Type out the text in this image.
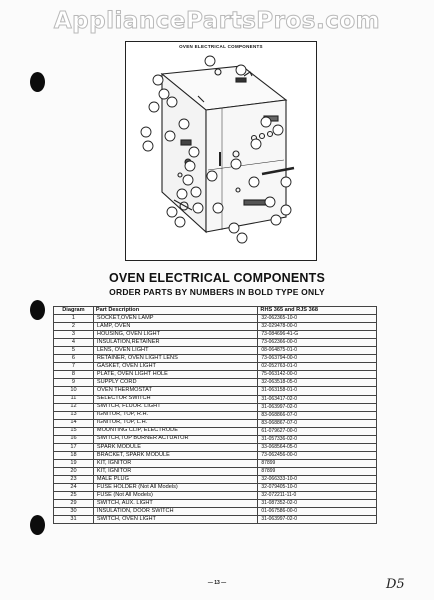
AppliancePartsPros.com
OVEN ELECTRICAL COMPONENTS
OVEN ELECTRICAL COMPONENTS
ORDER PARTS BY NUMBERS IN BOLD TYPE ONLY
Diagram	Part Description	RHS 365 and RJS 368
1	SOCKET,OVEN LAMP	32-062365-10-0
2	LAMP, OVEN	32-029478-00-0
3	HOUSING, OVEN LIGHT	73-084696-41-G
4	INSULATION,RETAINER	73-062366-00-0
5	LENS, OVEN LIGHT	08-064875-01-0
6	RETAINER, OVEN LIGHT LENS	73-063794-00-0
7	GASKET, OVEN LIGHT	02-052763-01-0
8	PLATE, OVEN LIGHT HOLE	75-063142-00-0
9	SUPPLY CORD	32-063518-05-0
10	OVEN THERMOSTAT	31-063158-01-0
11	SELECTOR SWITCH	31-063417-02-0
12	SWITCH, FLUOR. LIGHT	31-063997-02-0
13	IGNITOR, TOP, R.H.	83-068866-07-0
14	IGNITOR, TOP, L.H.	83-068867-07-0
15	MOUNTING CLIP, ELECTRODE	61-079627-00-0
16	SWITCH,TOP BURNER ACTUATOR	31-057336-02-0
17	SPARK MODULE	33-068564-05-0
18	BRACKET, SPARK MODULE	73-062456-00-0
19	KIT, IGNITOR	87899
20	KIT, IGNITOR	87899
23	MALE PLUG	32-066333-10-0
24	FUSE HOLDER (Not All Models)	32-079405-10-0
25	FUSE (Not All Models)	32-072211-11-0
29	SWITCH, AUX. LIGHT	31-087352-02-0
30	INSULATION, DOOR SWITCH	01-067586-00-0
31	SWITCH, OVEN LIGHT	31-063997-02-0
— 13 —	D5
